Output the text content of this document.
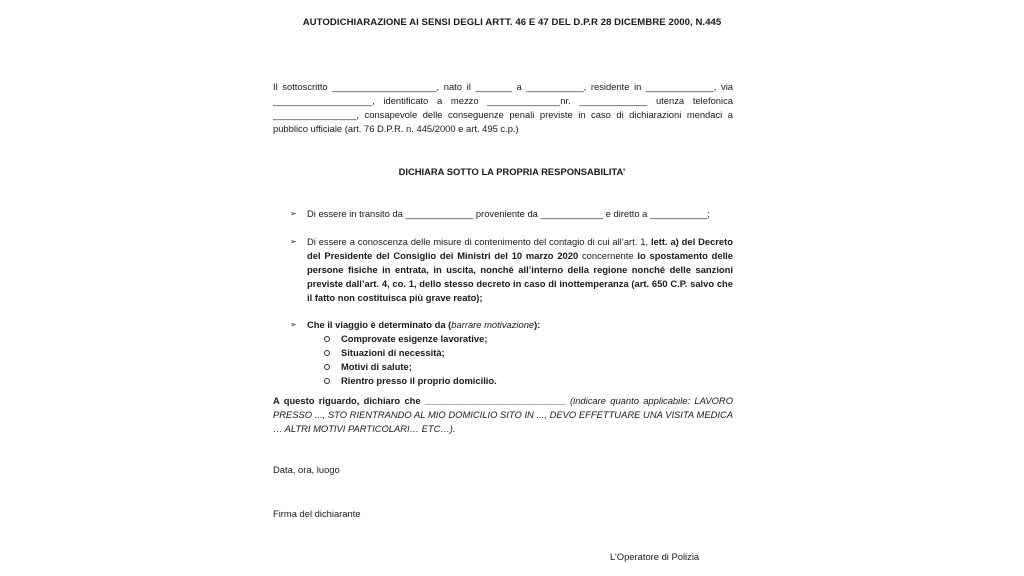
AUTODICHIARAZIONE AI SENSI DEGLI ARTT. 46 E 47 DEL D.P.R 28 DICEMBRE 2000, N.445
Il sottoscritto ____________________, nato il _______ a ___________, residente in _____________, via ___________________, identificato a mezzo ______________nr. _____________ utenza telefonica ________________, consapevole delle conseguenze penali previste in caso di dichiarazioni mendaci a pubblico ufficiale (art. 76 D.P.R. n. 445/2000 e art. 495 c.p.)
DICHIARA SOTTO LA PROPRIA RESPONSABILITA’
➢	Di essere in transito da _____________ proveniente da ____________ e diretto a ___________;
➢	Di essere a conoscenza delle misure di contenimento del contagio di cui all’art. 1, lett. a) del Decreto del Presidente del Consiglio dei Ministri del 10 marzo 2020 concernente lo spostamento delle persone fisiche in entrata, in uscita, nonché all’interno della regione nonché delle sanzioni previste dall’art. 4, co. 1, dello stesso decreto in caso di inottemperanza (art. 650 C.P. salvo che il fatto non costituisca più grave reato);
➢	Che il viaggio è determinato da (barrare motivazione):
Comprovate esigenze lavorative;
Situazioni di necessità;
Motivi di salute;
Rientro presso il proprio domicilio.
A questo riguardo, dichiaro che ___________________________ (indicare quanto applicabile: LAVORO PRESSO ..., STO RIENTRANDO AL MIO DOMICILIO SITO IN ..., DEVO EFFETTUARE UNA VISITA MEDICA … ALTRI MOTIVI PARTICOLARI… ETC…).
Data, ora, luogo
Firma del dichiarante
L’Operatore di Polizia
